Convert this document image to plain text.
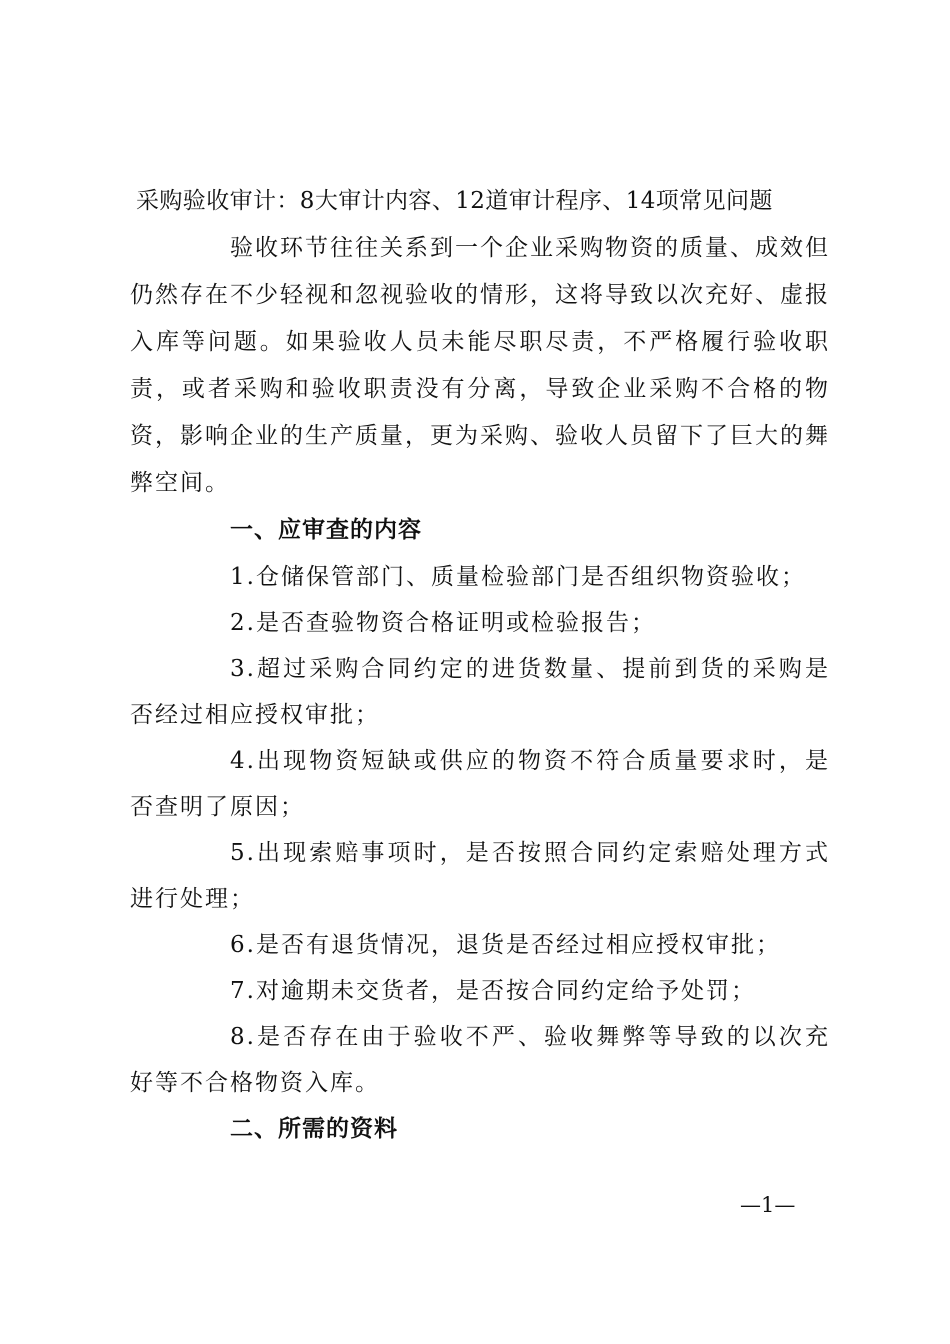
采购验收审计：8大审计内容、12道审计程序、14项常见问题

验收环节往往关系到一个企业采购物资的质量、成效但仍然存在不少轻视和忽视验收的情形，这将导致以次充好、虚报入库等问题。如果验收人员未能尽职尽责，不严格履行验收职责，或者采购和验收职责没有分离，导致企业采购不合格的物资，影响企业的生产质量，更为采购、验收人员留下了巨大的舞弊空间。

一、应审查的内容

1.仓储保管部门、质量检验部门是否组织物资验收；

2.是否查验物资合格证明或检验报告；

3.超过采购合同约定的进货数量、提前到货的采购是否经过相应授权审批；

4.出现物资短缺或供应的物资不符合质量要求时，是否查明了原因；

5.出现索赔事项时，是否按照合同约定索赔处理方式进行处理；

6.是否有退货情况，退货是否经过相应授权审批；

7.对逾期未交货者，是否按合同约定给予处罚；

8.是否存在由于验收不严、验收舞弊等导致的以次充好等不合格物资入库。

二、所需的资料

—1—
